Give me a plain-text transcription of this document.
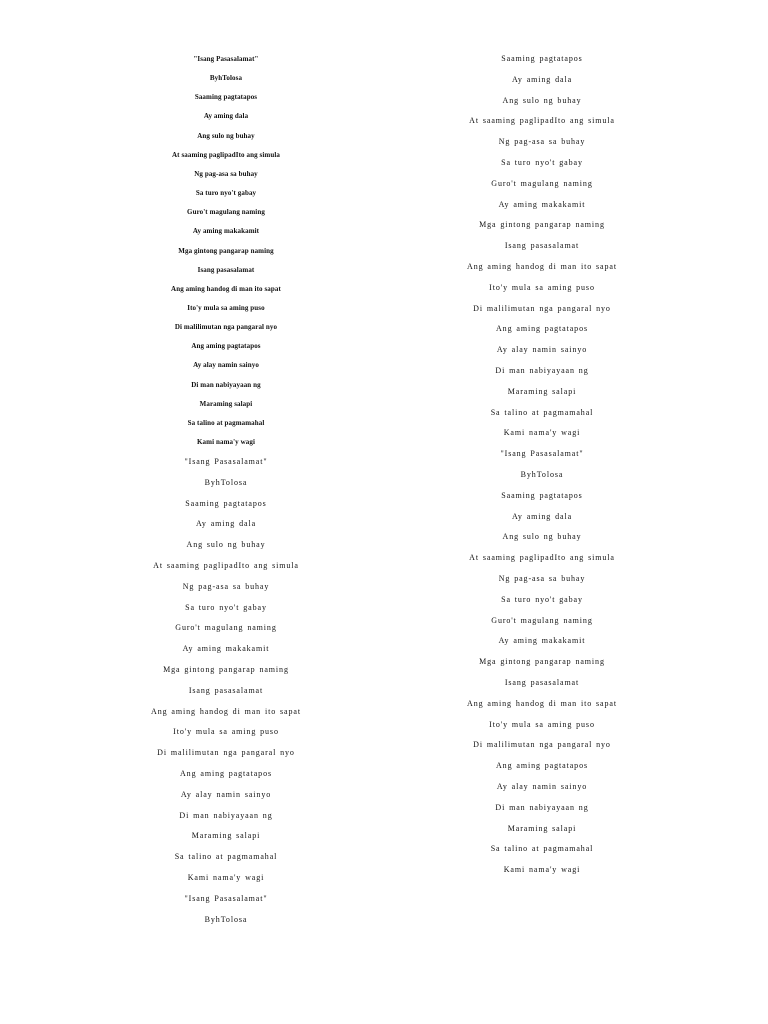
"Isang Pasasalamat"
ByhTolosa
Saaming pagtatapos
Ay aming dala
Ang sulo ng buhay
At saaming paglipadIto ang simula
Ng pag-asa sa buhay
Sa turo nyo't gabay
Guro't magulang naming
Ay aming makakamit
Mga gintong pangarap naming
Isang pasasalamat
Ang aming handog di man ito sapat
Ito'y mula sa aming puso
Di malilimutan nga pangaral nyo
Ang aming pagtatapos
Ay alay namin sainyo
Di man nabiyayaan ng
Maraming salapi
Sa talino at pagmamahal
Kami nama'y wagi
"Isang Pasasalamat"
ByhTolosa
Saaming pagtatapos
Ay aming dala
Ang sulo ng buhay
At saaming paglipadIto ang simula
Ng pag-asa sa buhay
Sa turo nyo't gabay
Guro't magulang naming
Ay aming makakamit
Mga gintong pangarap naming
Isang pasasalamat
Ang aming handog di man ito sapat
Ito'y mula sa aming puso
Di malilimutan nga pangaral nyo
Ang aming pagtatapos
Ay alay namin sainyo
Di man nabiyayaan ng
Maraming salapi
Sa talino at pagmamahal
Kami nama'y wagi
"Isang Pasasalamat"
ByhTolosa
Saaming pagtatapos
Ay aming dala
Ang sulo ng buhay
At saaming paglipadIto ang simula
Ng pag-asa sa buhay
Sa turo nyo't gabay
Guro't magulang naming
Ay aming makakamit
Mga gintong pangarap naming
Isang pasasalamat
Ang aming handog di man ito sapat
Ito'y mula sa aming puso
Di malilimutan nga pangaral nyo
Ang aming pagtatapos
Ay alay namin sainyo
Di man nabiyayaan ng
Maraming salapi
Sa talino at pagmamahal
Kami nama'y wagi
"Isang Pasasalamat"
ByhTolosa
Saaming pagtatapos
Ay aming dala
Ang sulo ng buhay
At saaming paglipadIto ang simula
Ng pag-asa sa buhay
Sa turo nyo't gabay
Guro't magulang naming
Ay aming makakamit
Mga gintong pangarap naming
Isang pasasalamat
Ang aming handog di man ito sapat
Ito'y mula sa aming puso
Di malilimutan nga pangaral nyo
Ang aming pagtatapos
Ay alay namin sainyo
Di man nabiyayaan ng
Maraming salapi
Sa talino at pagmamahal
Kami nama'y wagi
